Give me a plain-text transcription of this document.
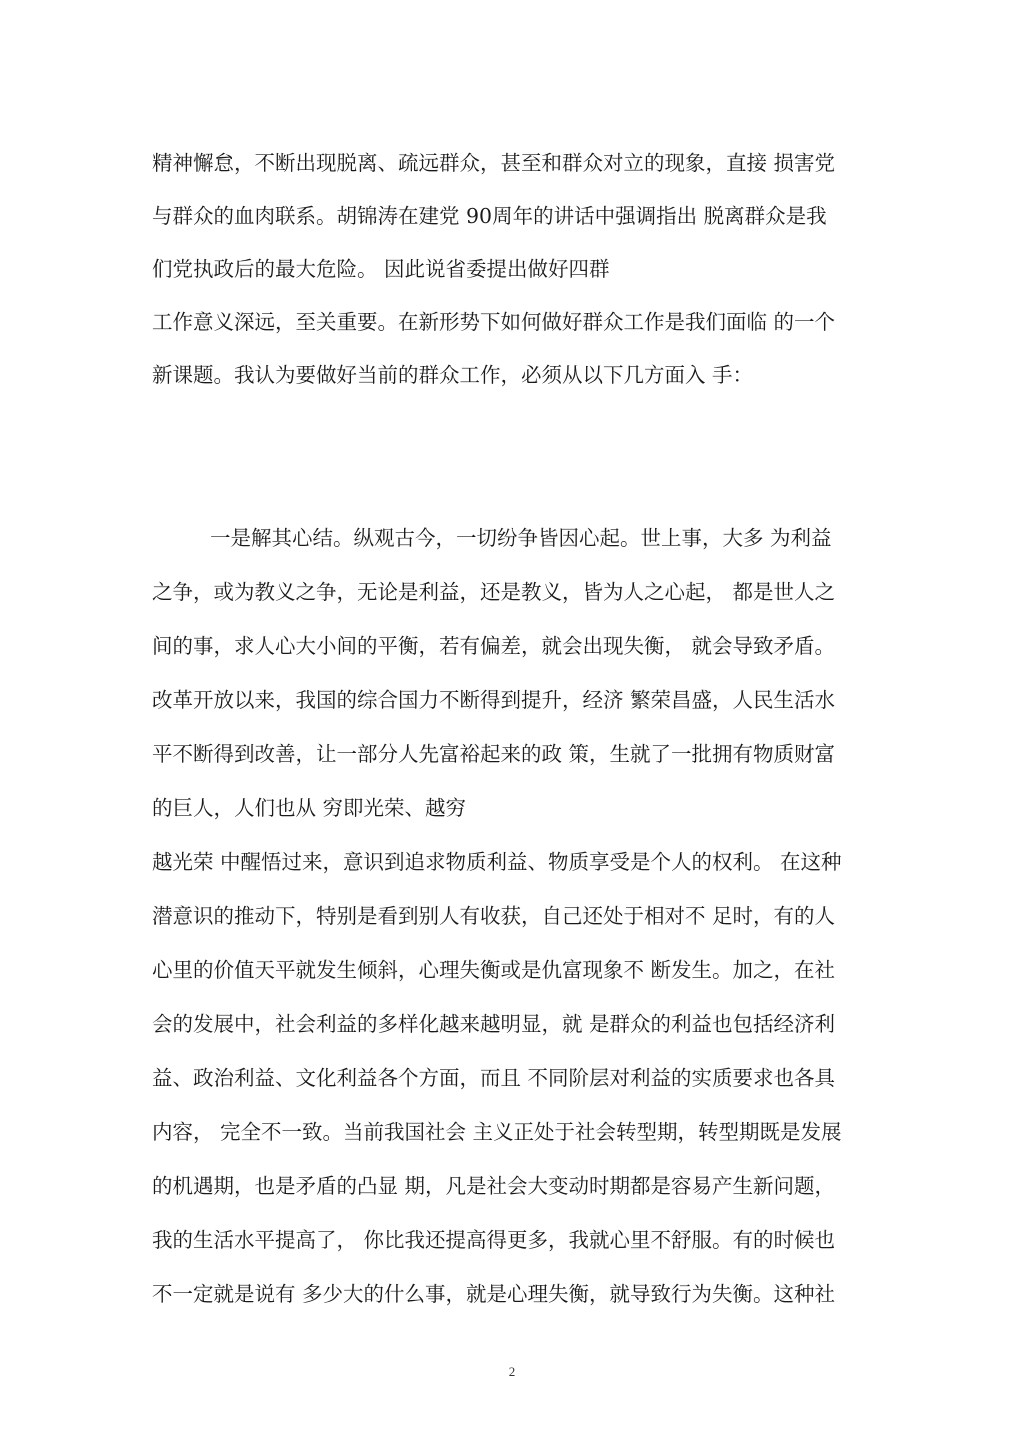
精神懈怠，不断出现脱离、疏远群众，甚至和群众对立的现象，直接 损害党
与群众的血肉联系。胡锦涛在建党 90周年的讲话中强调指出 脱离群众是我
们党执政后的最大危险。 因此说省委提出做好四群
工作意义深远，至关重要。在新形势下如何做好群众工作是我们面临 的一个
新课题。我认为要做好当前的群众工作，必须从以下几方面入 手：
一是解其心结。纵观古今，一切纷争皆因心起。世上事，大多 为利益
之争，或为教义之争，无论是利益，还是教义，皆为人之心起， 都是世人之
间的事，求人心大小间的平衡，若有偏差，就会出现失衡， 就会导致矛盾。
改革开放以来，我国的综合国力不断得到提升，经济 繁荣昌盛，人民生活水
平不断得到改善，让一部分人先富裕起来的政 策，生就了一批拥有物质财富
的巨人，人们也从 穷即光荣、越穷
越光荣 中醒悟过来，意识到追求物质利益、物质享受是个人的权利。 在这种
潜意识的推动下，特别是看到别人有收获，自己还处于相对不 足时，有的人
心里的价值天平就发生倾斜，心理失衡或是仇富现象不 断发生。加之，在社
会的发展中，社会利益的多样化越来越明显，就 是群众的利益也包括经济利
益、政治利益、文化利益各个方面，而且 不同阶层对利益的实质要求也各具
内容， 完全不一致。当前我国社会 主义正处于社会转型期，转型期既是发展
的机遇期，也是矛盾的凸显 期，凡是社会大变动时期都是容易产生新问题，
我的生活水平提高了， 你比我还提高得更多，我就心里不舒服。有的时候也
不一定就是说有 多少大的什么事，就是心理失衡，就导致行为失衡。这种社
2
